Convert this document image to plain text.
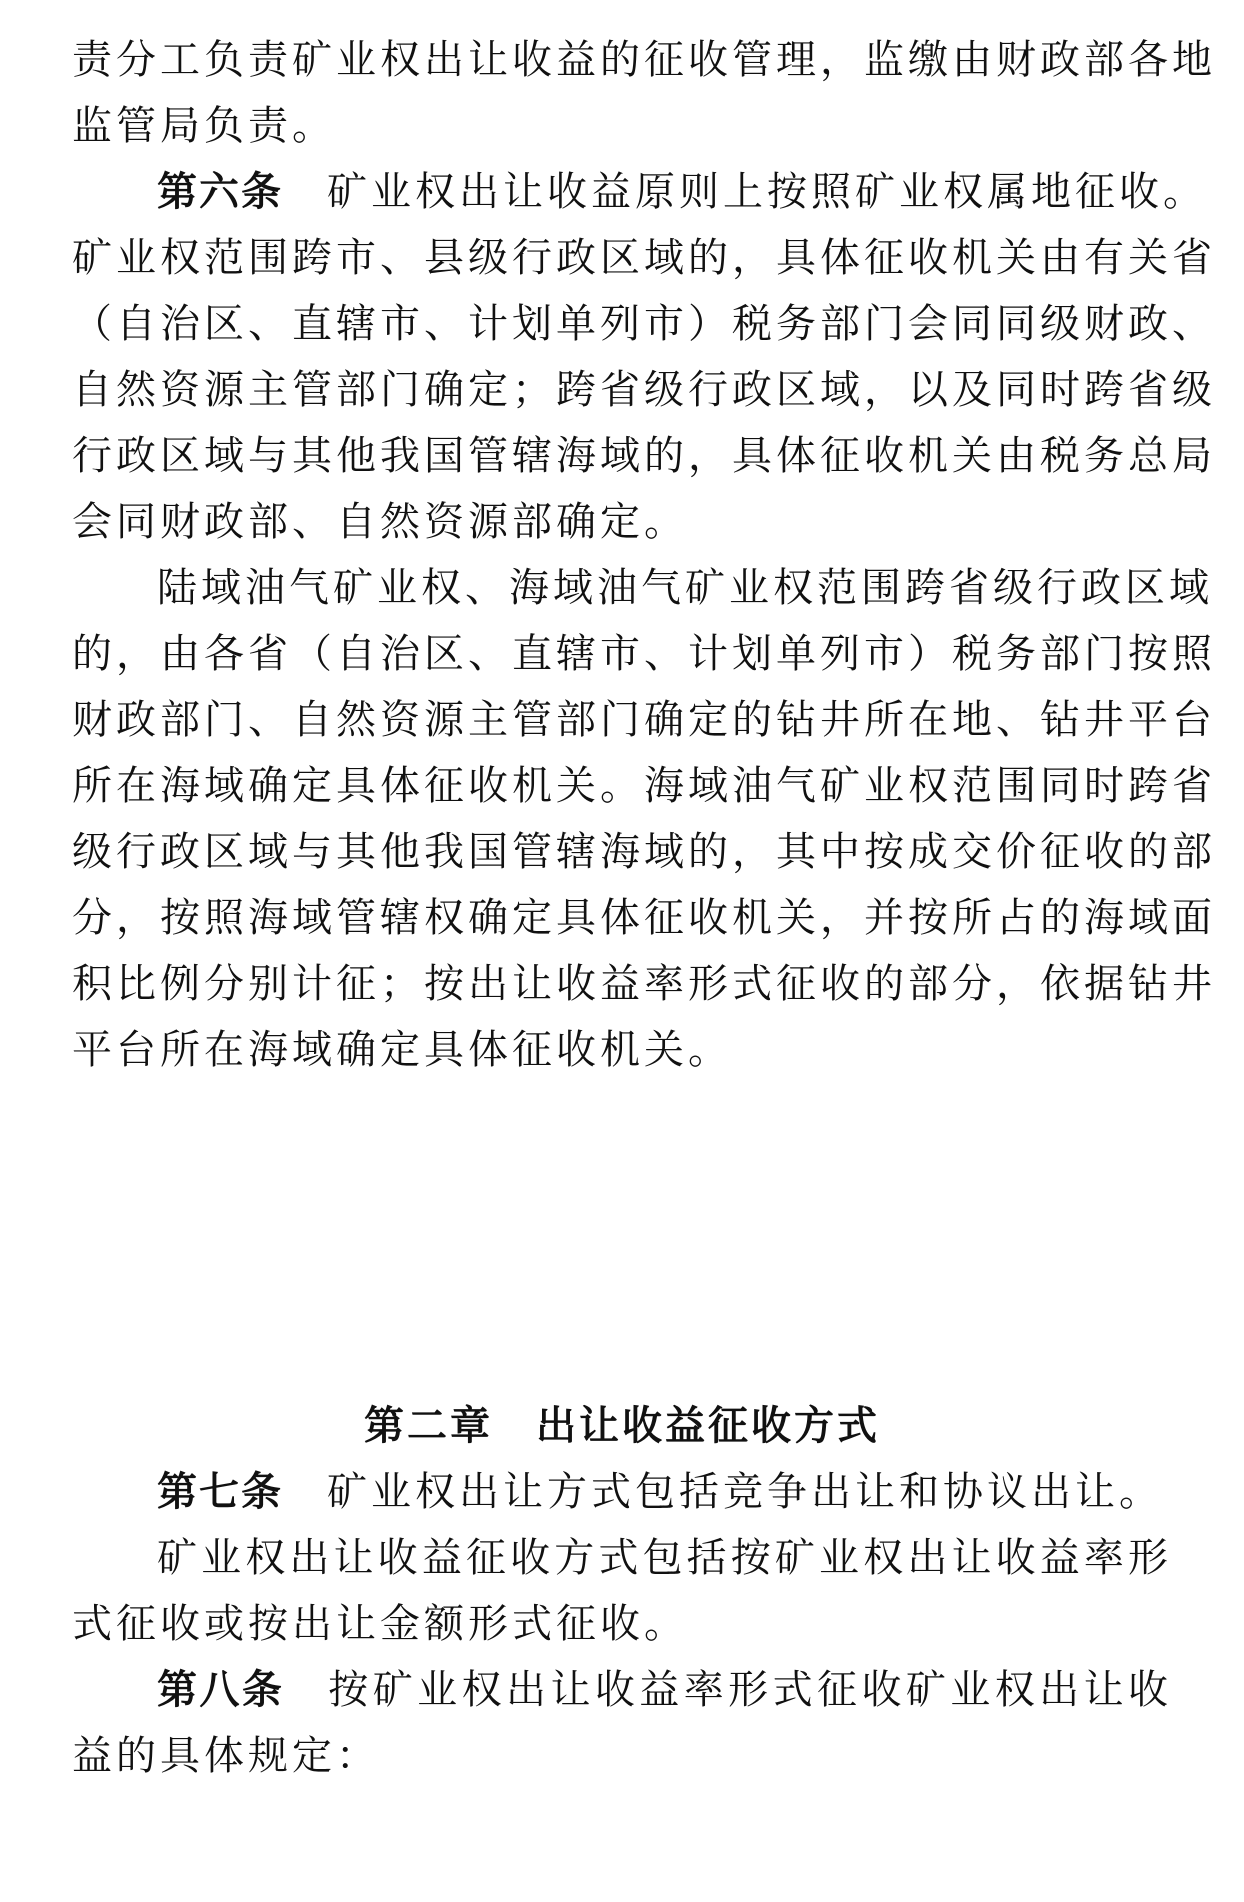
责分工负责矿业权出让收益的征收管理，监缴由财政部各地
监管局负责。
第六条 矿业权出让收益原则上按照矿业权属地征收。
矿业权范围跨市、县级行政区域的，具体征收机关由有关省
（自治区、直辖市、计划单列市）税务部门会同同级财政、
自然资源主管部门确定；跨省级行政区域，以及同时跨省级
行政区域与其他我国管辖海域的，具体征收机关由税务总局
会同财政部、自然资源部确定。
陆域油气矿业权、海域油气矿业权范围跨省级行政区域
的，由各省（自治区、直辖市、计划单列市）税务部门按照
财政部门、自然资源主管部门确定的钻井所在地、钻井平台
所在海域确定具体征收机关。海域油气矿业权范围同时跨省
级行政区域与其他我国管辖海域的，其中按成交价征收的部
分，按照海域管辖权确定具体征收机关，并按所占的海域面
积比例分别计征；按出让收益率形式征收的部分，依据钻井
平台所在海域确定具体征收机关。
第二章　出让收益征收方式
第七条 矿业权出让方式包括竞争出让和协议出让。
矿业权出让收益征收方式包括按矿业权出让收益率形
式征收或按出让金额形式征收。
第八条 按矿业权出让收益率形式征收矿业权出让收
益的具体规定：
